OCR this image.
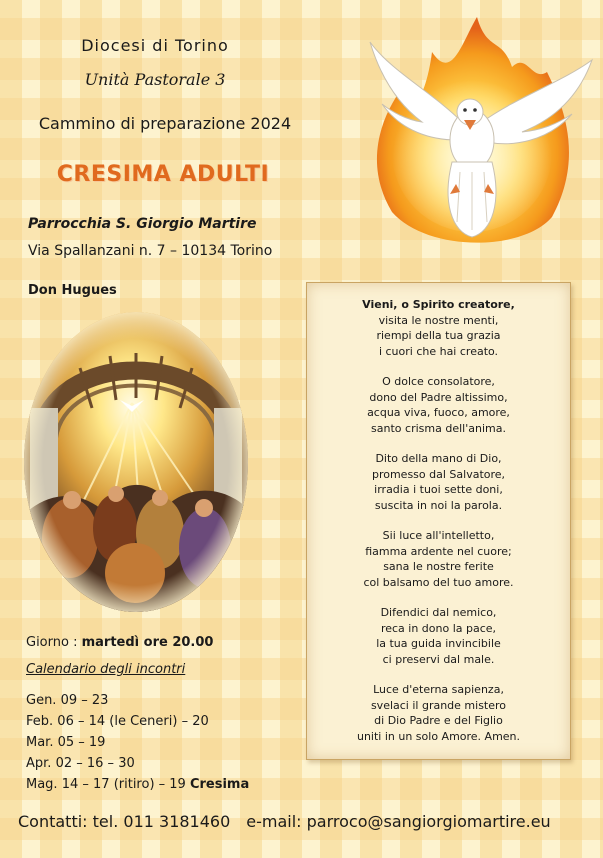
Diocesi di Torino
Unità Pastorale 3
Cammino di preparazione 2024
CRESIMA ADULTI
Parrocchia S. Giorgio Martire
Via Spallanzani n. 7 – 10134 Torino
Don Hugues
Vieni, o Spirito creatore,
visita le nostre menti,
riempi della tua grazia
i cuori che hai creato.
O dolce consolatore,
dono del Padre altissimo,
acqua viva, fuoco, amore,
santo crisma dell'anima.
Dito della mano di Dio,
promesso dal Salvatore,
irradia i tuoi sette doni,
suscita in noi la parola.
Sii luce all'intelletto,
fiamma ardente nel cuore;
sana le nostre ferite
col balsamo del tuo amore.
Difendici dal nemico,
reca in dono la pace,
la tua guida invincibile
ci preservi dal male.
Luce d'eterna sapienza,
svelaci il grande mistero
di Dio Padre e del Figlio
uniti in un solo Amore. Amen.
Giorno : martedì ore 20.00
Calendario degli incontri
Gen. 09 – 23
Feb. 06 – 14 (le Ceneri) – 20
Mar. 05 – 19
Apr. 02 – 16 – 30
Mag. 14 – 17 (ritiro) – 19 Cresima
Contatti: tel. 011 3181460 e-mail: parroco@sangiorgiomartire.eu
